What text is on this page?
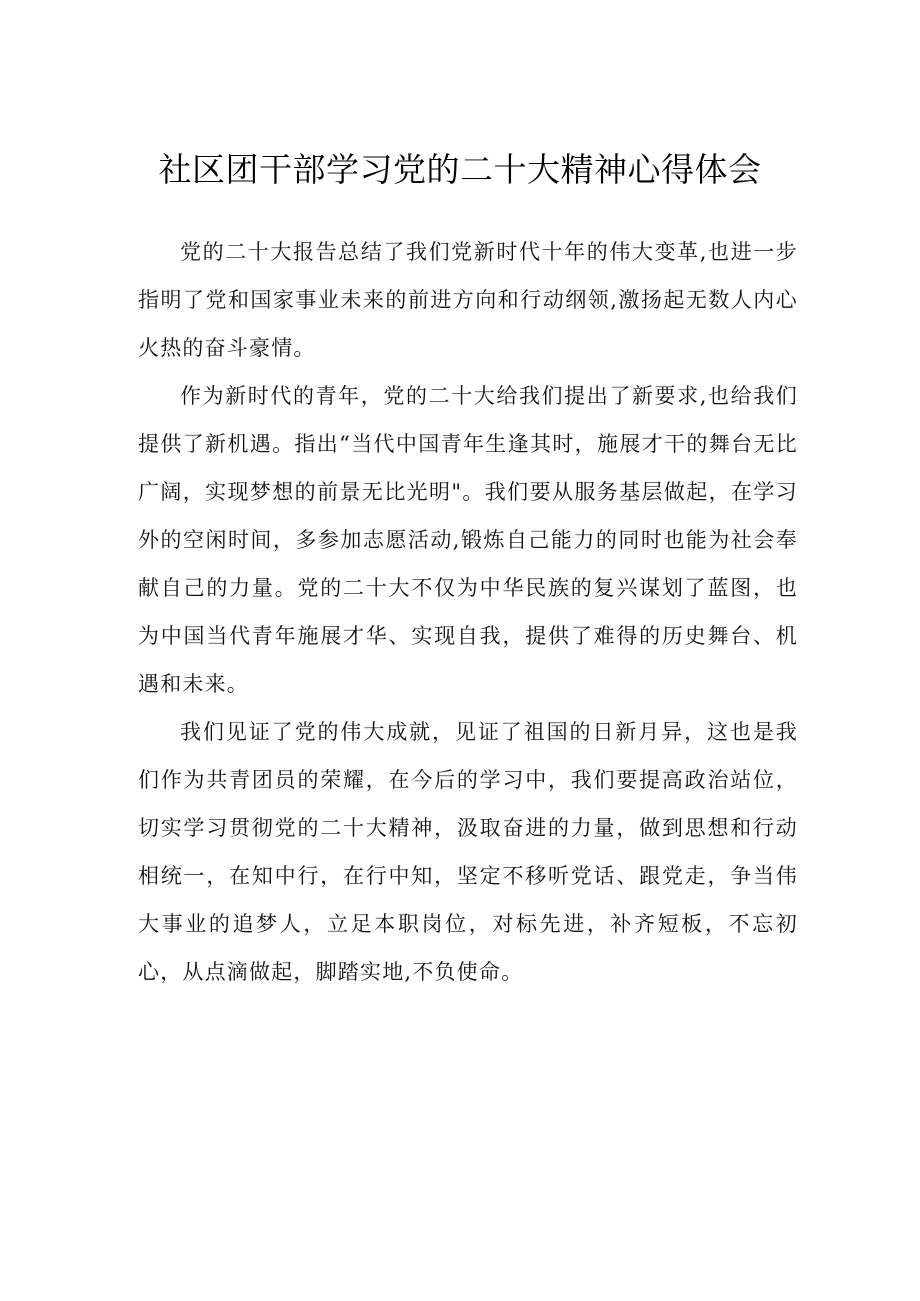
社区团干部学习党的二十大精神心得体会

党的二十大报告总结了我们党新时代十年的伟大变革,也进一步指明了党和国家事业未来的前进方向和行动纲领,激扬起无数人内心火热的奋斗豪情。

作为新时代的青年，党的二十大给我们提出了新要求,也给我们提供了新机遇。指出“当代中国青年生逢其时，施展才干的舞台无比广阔，实现梦想的前景无比光明"。我们要从服务基层做起，在学习外的空闲时间，多参加志愿活动,锻炼自己能力的同时也能为社会奉献自己的力量。党的二十大不仅为中华民族的复兴谋划了蓝图，也为中国当代青年施展才华、实现自我，提供了难得的历史舞台、机遇和未来。

我们见证了党的伟大成就，见证了祖国的日新月异，这也是我们作为共青团员的荣耀，在今后的学习中，我们要提高政治站位，切实学习贯彻党的二十大精神，汲取奋进的力量，做到思想和行动相统一，在知中行，在行中知，坚定不移听党话、跟党走，争当伟大事业的追梦人，立足本职岗位，对标先进，补齐短板，不忘初心，从点滴做起，脚踏实地,不负使命。
